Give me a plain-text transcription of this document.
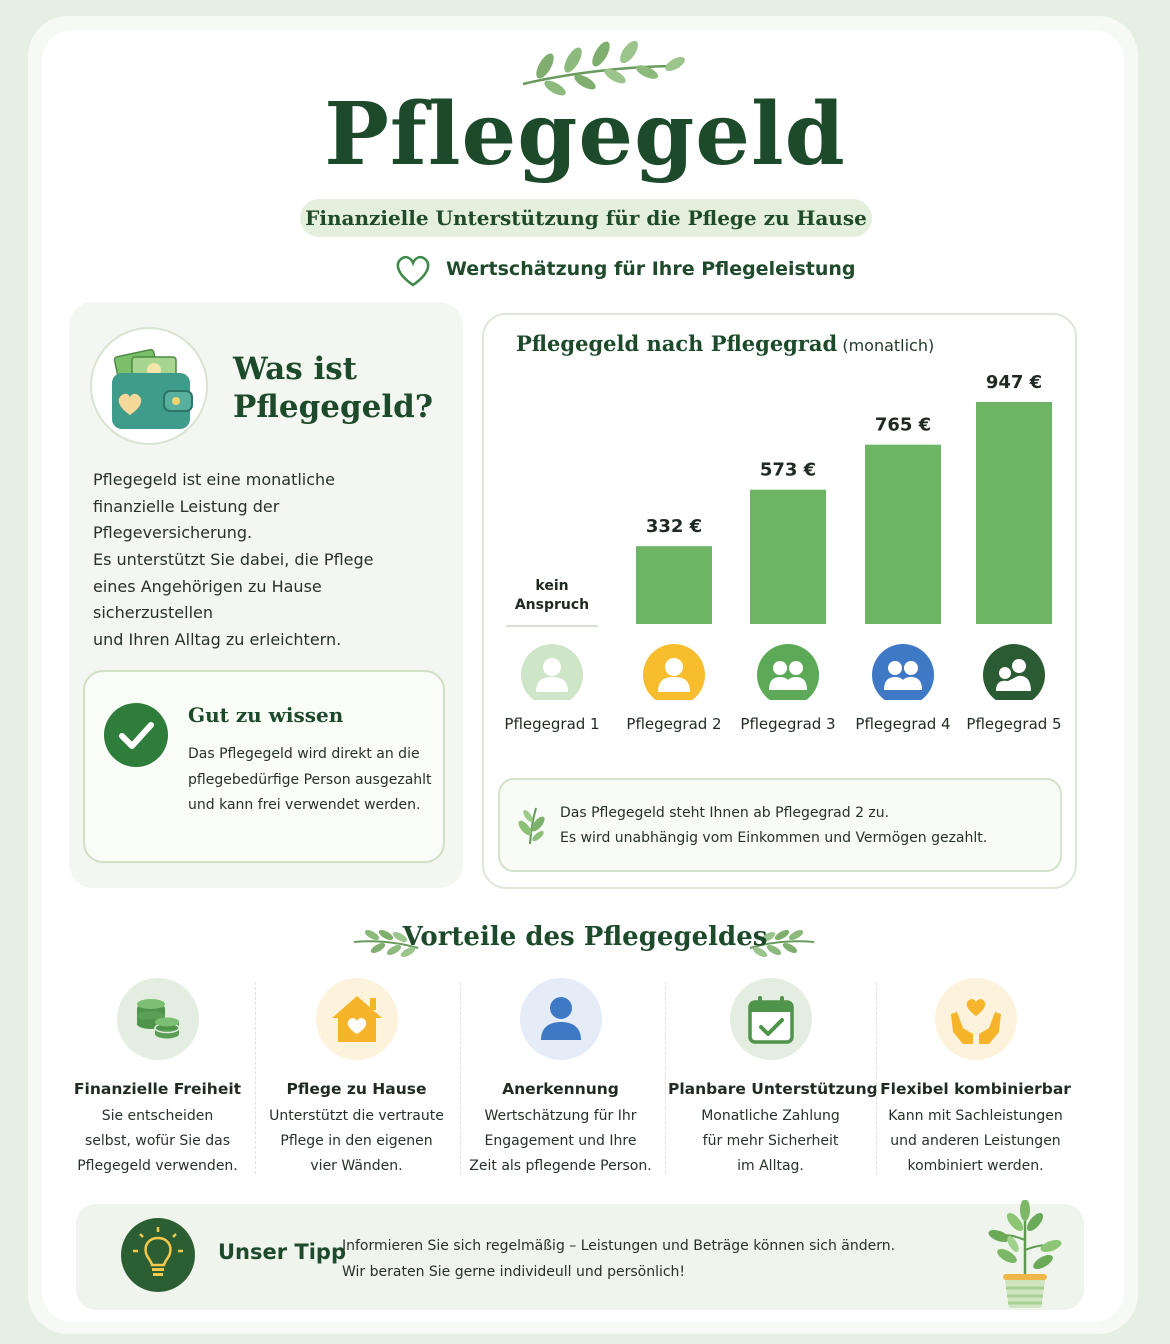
Pflegegeld
Finanzielle Unterstützung für die Pflege zu Hause
Wertschätzung für Ihre Pflegeleistung
Was ist
Pflegegeld?
Pflegegeld ist eine monatliche
finanzielle Leistung der Pflegeversicherung.
Es unterstützt Sie dabei, die Pflege
eines Angehörigen zu Hause sicherzustellen
und Ihren Alltag zu erleichtern.
Gut zu wissen
Das Pflegegeld wird direkt an die
pflegebedürfige Person ausgezahlt
und kann frei verwendet werden.
Pflegegeld nach Pflegegrad (monatlich)
kein
Anspruch
332 €
573 €
765 €
947 €
Pflegegrad 1	Pflegegrad 2	Pflegegrad 3	Pflegegrad 4	Pflegegrad 5
Das Pflegegeld steht Ihnen ab Pflegegrad 2 zu.
Es wird unabhängig vom Einkommen und Vermögen gezahlt.
Vorteile des Pflegegeldes
Finanzielle Freiheit
Sie entscheiden
selbst, wofür Sie das
Pflegegeld verwenden.
Pflege zu Hause
Unterstützt die vertraute
Pflege in den eigenen
vier Wänden.
Anerkennung
Wertschätzung für Ihr
Engagement und Ihre
Zeit als pflegende Person.
Planbare Unterstützung
Monatliche Zahlung
für mehr Sicherheit
im Alltag.
Flexibel kombinierbar
Kann mit Sachleistungen
und anderen Leistungen
kombiniert werden.
Unser Tipp
Informieren Sie sich regelmäßig – Leistungen und Beträge können sich ändern.
Wir beraten Sie gerne individeull und persönlich!
